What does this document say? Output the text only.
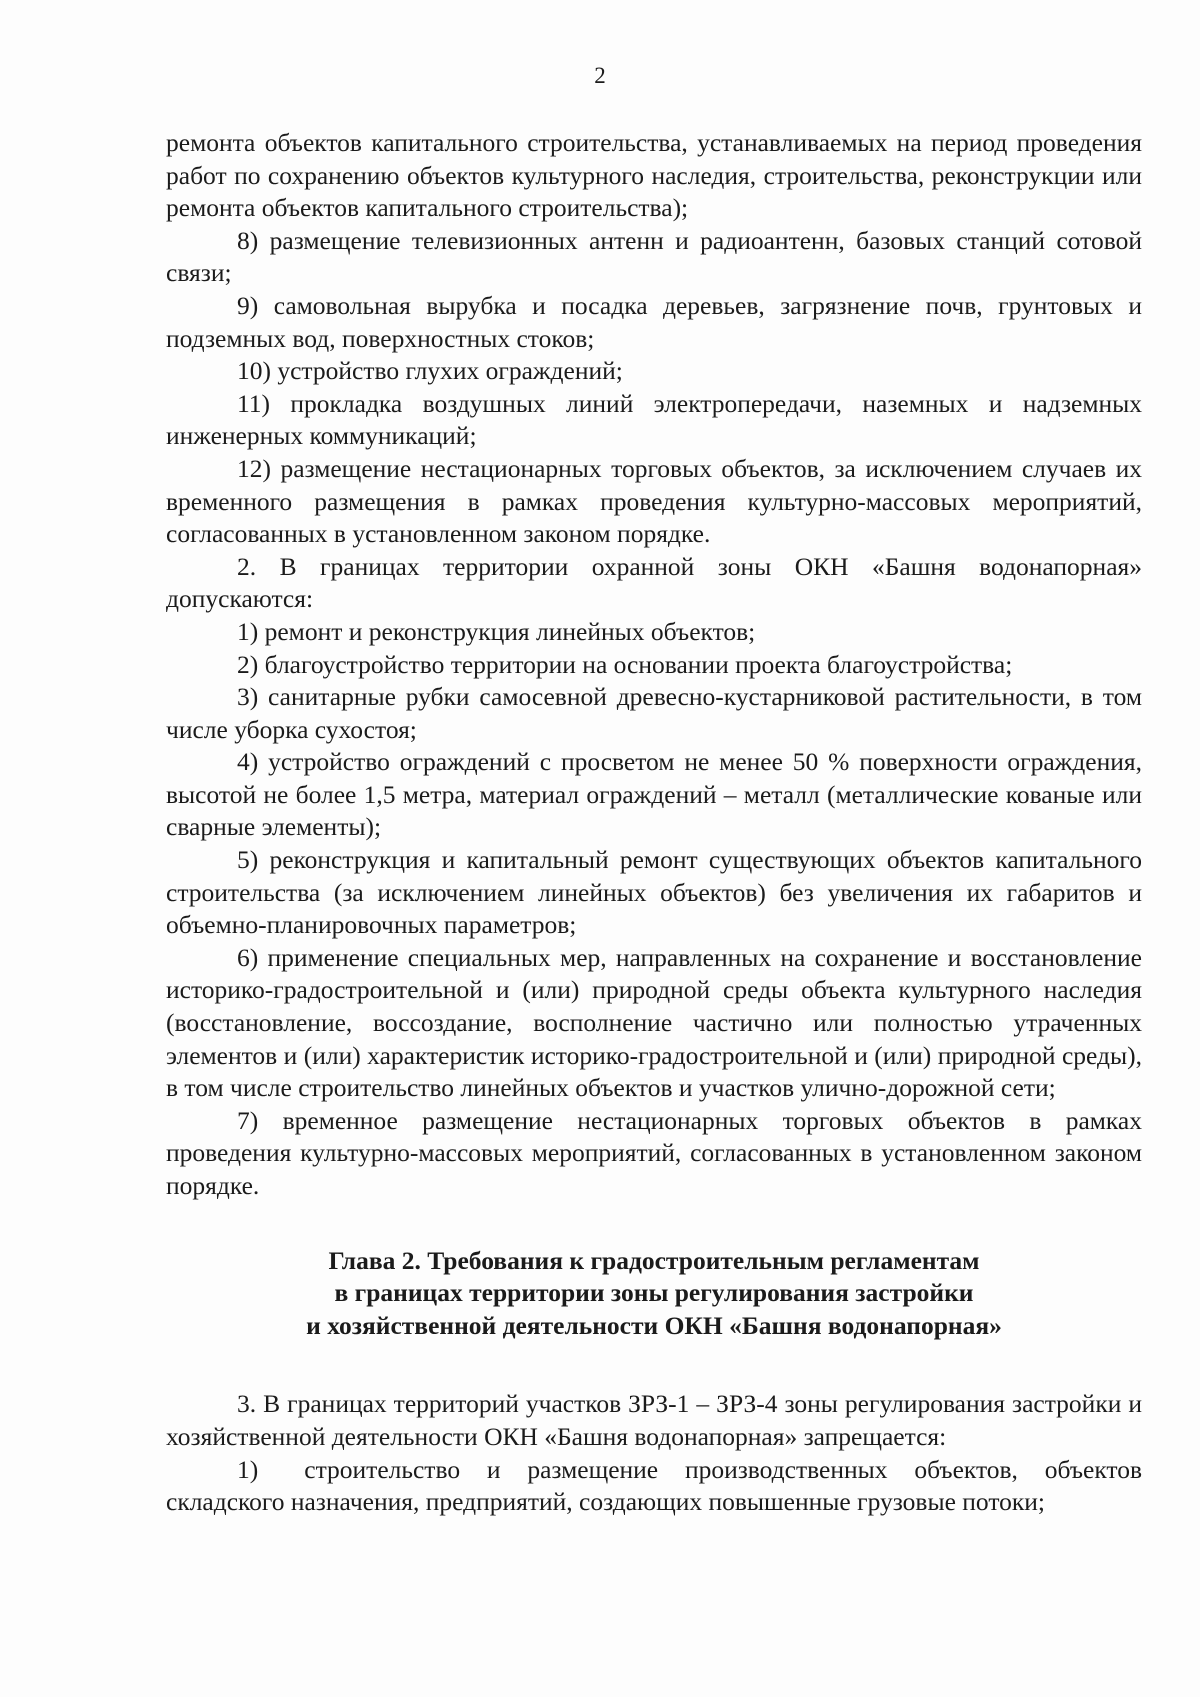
2

ремонта объектов капитального строительства, устанавливаемых на период проведения работ по сохранению объектов культурного наследия, строительства, реконструкции или ремонта объектов капитального строительства);

8) размещение телевизионных антенн и радиоантенн, базовых станций сотовой связи;

9) самовольная вырубка и посадка деревьев, загрязнение почв, грунтовых и подземных вод, поверхностных стоков;

10) устройство глухих ограждений;

11) прокладка воздушных линий электропередачи, наземных и надземных инженерных коммуникаций;

12) размещение нестационарных торговых объектов, за исключением случаев их временного размещения в рамках проведения культурно-массовых мероприятий, согласованных в установленном законом порядке.

2. В границах территории охранной зоны ОКН «Башня водонапорная» допускаются:

1) ремонт и реконструкция линейных объектов;

2) благоустройство территории на основании проекта благоустройства;

3) санитарные рубки самосевной древесно-кустарниковой растительности, в том числе уборка сухостоя;

4) устройство ограждений с просветом не менее 50 % поверхности ограждения, высотой не более 1,5 метра, материал ограждений – металл (металлические кованые или сварные элементы);

5) реконструкция и капитальный ремонт существующих объектов капитального строительства (за исключением линейных объектов) без увеличения их габаритов и объемно-планировочных параметров;

6) применение специальных мер, направленных на сохранение и восстановление историко-градостроительной и (или) природной среды объекта культурного наследия (восстановление, воссоздание, восполнение частично или полностью утраченных элементов и (или) характеристик историко-градостроительной и (или) природной среды), в том числе строительство линейных объектов и участков улично-дорожной сети;

7) временное размещение нестационарных торговых объектов в рамках проведения культурно-массовых мероприятий, согласованных в установленном законом порядке.

Глава 2. Требования к градостроительным регламентам
в границах территории зоны регулирования застройки
и хозяйственной деятельности ОКН «Башня водонапорная»

3. В границах территорий участков ЗРЗ-1 – ЗРЗ-4 зоны регулирования застройки и хозяйственной деятельности ОКН «Башня водонапорная» запрещается:

1) строительство и размещение производственных объектов, объектов складского назначения, предприятий, создающих повышенные грузовые потоки;
